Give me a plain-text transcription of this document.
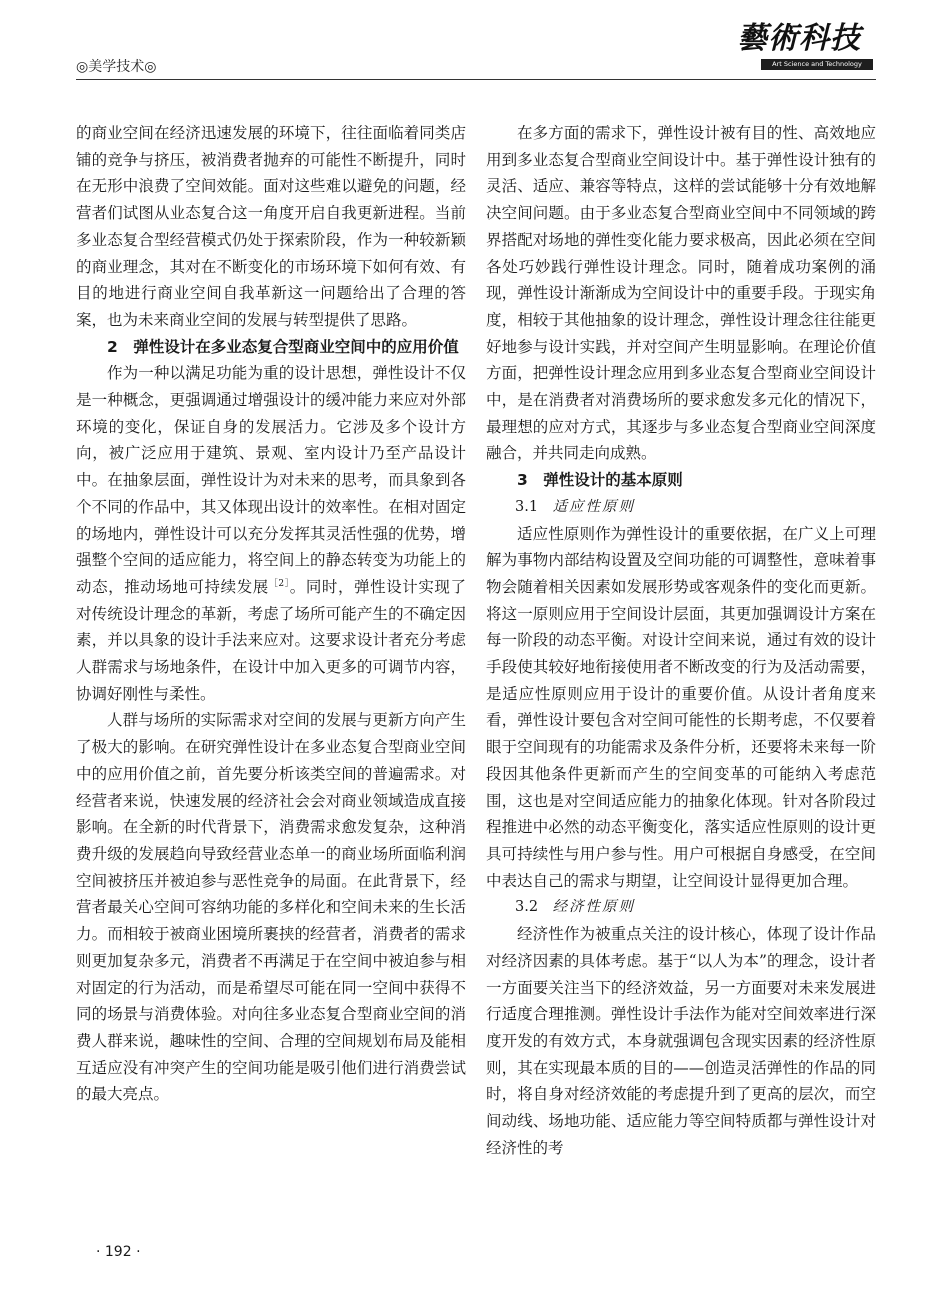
◎美学技术◎
藝術科技
Art Science and Technology

的商业空间在经济迅速发展的环境下，往往面临着同类店铺的竞争与挤压，被消费者抛弃的可能性不断提升，同时在无形中浪费了空间效能。面对这些难以避免的问题，经营者们试图从业态复合这一角度开启自我更新进程。当前多业态复合型经营模式仍处于探索阶段，作为一种较新颖的商业理念，其对在不断变化的市场环境下如何有效、有目的地进行商业空间自我革新这一问题给出了合理的答案，也为未来商业空间的发展与转型提供了思路。

2　弹性设计在多业态复合型商业空间中的应用价值

作为一种以满足功能为重的设计思想，弹性设计不仅是一种概念，更强调通过增强设计的缓冲能力来应对外部环境的变化，保证自身的发展活力。它涉及多个设计方向，被广泛应用于建筑、景观、室内设计乃至产品设计中。在抽象层面，弹性设计为对未来的思考，而具象到各个不同的作品中，其又体现出设计的效率性。在相对固定的场地内，弹性设计可以充分发挥其灵活性强的优势，增强整个空间的适应能力，将空间上的静态转变为功能上的动态，推动场地可持续发展$^{[2]}$。同时，弹性设计实现了对传统设计理念的革新，考虑了场所可能产生的不确定因素，并以具象的设计手法来应对。这要求设计者充分考虑人群需求与场地条件，在设计中加入更多的可调节内容，协调好刚性与柔性。

人群与场所的实际需求对空间的发展与更新方向产生了极大的影响。在研究弹性设计在多业态复合型商业空间中的应用价值之前，首先要分析该类空间的普遍需求。对经营者来说，快速发展的经济社会会对商业领域造成直接影响。在全新的时代背景下，消费需求愈发复杂，这种消费升级的发展趋向导致经营业态单一的商业场所面临利润空间被挤压并被迫参与恶性竞争的局面。在此背景下，经营者最关心空间可容纳功能的多样化和空间未来的生长活力。而相较于被商业困境所裹挟的经营者，消费者的需求则更加复杂多元，消费者不再满足于在空间中被迫参与相对固定的行为活动，而是希望尽可能在同一空间中获得不同的场景与消费体验。对向往多业态复合型商业空间的消费人群来说，趣味性的空间、合理的空间规划布局及能相互适应没有冲突产生的空间功能是吸引他们进行消费尝试的最大亮点。

在多方面的需求下，弹性设计被有目的性、高效地应用到多业态复合型商业空间设计中。基于弹性设计独有的灵活、适应、兼容等特点，这样的尝试能够十分有效地解决空间问题。由于多业态复合型商业空间中不同领域的跨界搭配对场地的弹性变化能力要求极高，因此必须在空间各处巧妙践行弹性设计理念。同时，随着成功案例的涌现，弹性设计渐渐成为空间设计中的重要手段。于现实角度，相较于其他抽象的设计理念，弹性设计理念往往能更好地参与设计实践，并对空间产生明显影响。在理论价值方面，把弹性设计理念应用到多业态复合型商业空间设计中，是在消费者对消费场所的要求愈发多元化的情况下，最理想的应对方式，其逐步与多业态复合型商业空间深度融合，并共同走向成熟。

3　弹性设计的基本原则
3.1　 适应性原则

适应性原则作为弹性设计的重要依据，在广义上可理解为事物内部结构设置及空间功能的可调整性，意味着事物会随着相关因素如发展形势或客观条件的变化而更新。将这一原则应用于空间设计层面，其更加强调设计方案在每一阶段的动态平衡。对设计空间来说，通过有效的设计手段使其较好地衔接使用者不断改变的行为及活动需要，是适应性原则应用于设计的重要价值。从设计者角度来看，弹性设计要包含对空间可能性的长期考虑，不仅要着眼于空间现有的功能需求及条件分析，还要将未来每一阶段因其他条件更新而产生的空间变革的可能纳入考虑范围，这也是对空间适应能力的抽象化体现。针对各阶段过程推进中必然的动态平衡变化，落实适应性原则的设计更具可持续性与用户参与性。用户可根据自身感受，在空间中表达自己的需求与期望，让空间设计显得更加合理。

3.2　 经济性原则

经济性作为被重点关注的设计核心，体现了设计作品对经济因素的具体考虑。基于“以人为本”的理念，设计者一方面要关注当下的经济效益，另一方面要对未来发展进行适度合理推测。弹性设计手法作为能对空间效率进行深度开发的有效方式，本身就强调包含现实因素的经济性原则，其在实现最本质的目的——创造灵活弹性的作品的同时，将自身对经济效能的考虑提升到了更高的层次，而空间动线、场地功能、适应能力等空间特质都与弹性设计对经济性的考

· 192 ·
